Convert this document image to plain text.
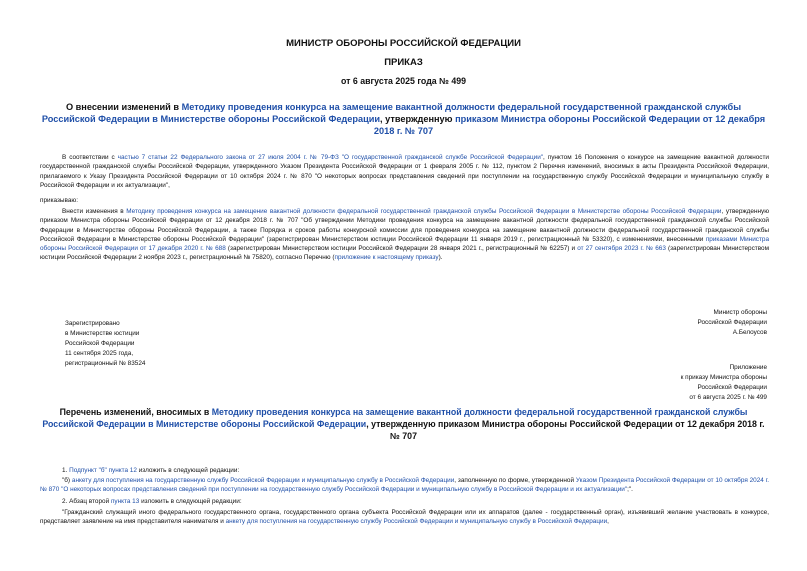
МИНИСТР ОБОРОНЫ РОССИЙСКОЙ ФЕДЕРАЦИИ
ПРИКАЗ
от 6 августа 2025 года № 499
О внесении изменений в Методику проведения конкурса на замещение вакантной должности федеральной государственной гражданской службы Российской Федерации в Министерстве обороны Российской Федерации, утвержденную приказом Министра обороны Российской Федерации от 12 декабря 2018 г. № 707
В соответствии с частью 7 статьи 22 Федерального закона от 27 июля 2004 г. № 79-ФЗ "О государственной гражданской службе Российской Федерации", пунктом 16 Положения о конкурсе на замещение вакантной должности государственной гражданской службы Российской Федерации, утвержденного Указом Президента Российской Федерации от 1 февраля 2005 г. № 112, пунктом 2 Перечня изменений, вносимых в акты Президента Российской Федерации, прилагаемого к Указу Президента Российской Федерации от 10 октября 2024 г. № 870 "О некоторых вопросах представления сведений при поступлении на государственную службу Российской Федерации и муниципальную службу в Российской Федерации и их актуализации",
приказываю:
Внести изменения в Методику проведения конкурса на замещение вакантной должности федеральной государственной гражданской службы Российской Федерации в Министерстве обороны Российской Федерации, утвержденную приказом Министра обороны Российской Федерации от 12 декабря 2018 г. № 707 "Об утверждении Методики проведения конкурса на замещение вакантной должности федеральной государственной гражданской службы Российской Федерации в Министерстве обороны Российской Федерации, а также Порядка и сроков работы конкурсной комиссии для проведения конкурса на замещение вакантной должности федеральной государственной гражданской службы Российской Федерации в Министерстве обороны Российской Федерации" (зарегистрирован Министерством юстиции Российской Федерации 11 января 2019 г., регистрационный № 53320), с изменениями, внесенными приказами Министра обороны Российской Федерации от 17 декабря 2020 г. № 688 (зарегистрирован Министерством юстиции Российской Федерации 28 января 2021 г., регистрационный № 62257) и от 27 сентября 2023 г. № 663 (зарегистрирован Министерством юстиции Российской Федерации 2 ноября 2023 г., регистрационный № 75820), согласно Перечню (приложение к настоящему приказу).
Министр обороны
Российской Федерации
А.Белоусов
Зарегистрировано
в Министерстве юстиции
Российской Федерации
11 сентября 2025 года,
регистрационный № 83524
Приложение
к приказу Министра обороны
Российской Федерации
от 6 августа 2025 г. № 499
Перечень изменений, вносимых в Методику проведения конкурса на замещение вакантной должности федеральной государственной гражданской службы Российской Федерации в Министерстве обороны Российской Федерации, утвержденную приказом Министра обороны Российской Федерации от 12 декабря 2018 г. № 707
1. Подпункт "б" пункта 12 изложить в следующей редакции:
"б) анкету для поступления на государственную службу Российской Федерации и муниципальную службу в Российской Федерации, заполненную по форме, утвержденной Указом Президента Российской Федерации от 10 октября 2024 г. № 870 "О некоторых вопросах представления сведений при поступлении на государственную службу Российской Федерации и муниципальную службу в Российской Федерации и их актуализации";".
2. Абзац второй пункта 13 изложить в следующей редакции:
"Гражданский служащий иного федерального государственного органа, государственного органа субъекта Российской Федерации или их аппаратов (далее - государственный орган), изъявивший желание участвовать в конкурсе, представляет заявление на имя представителя нанимателя и анкету для поступления на государственную службу Российской Федерации и муниципальную службу в Российской Федерации,
